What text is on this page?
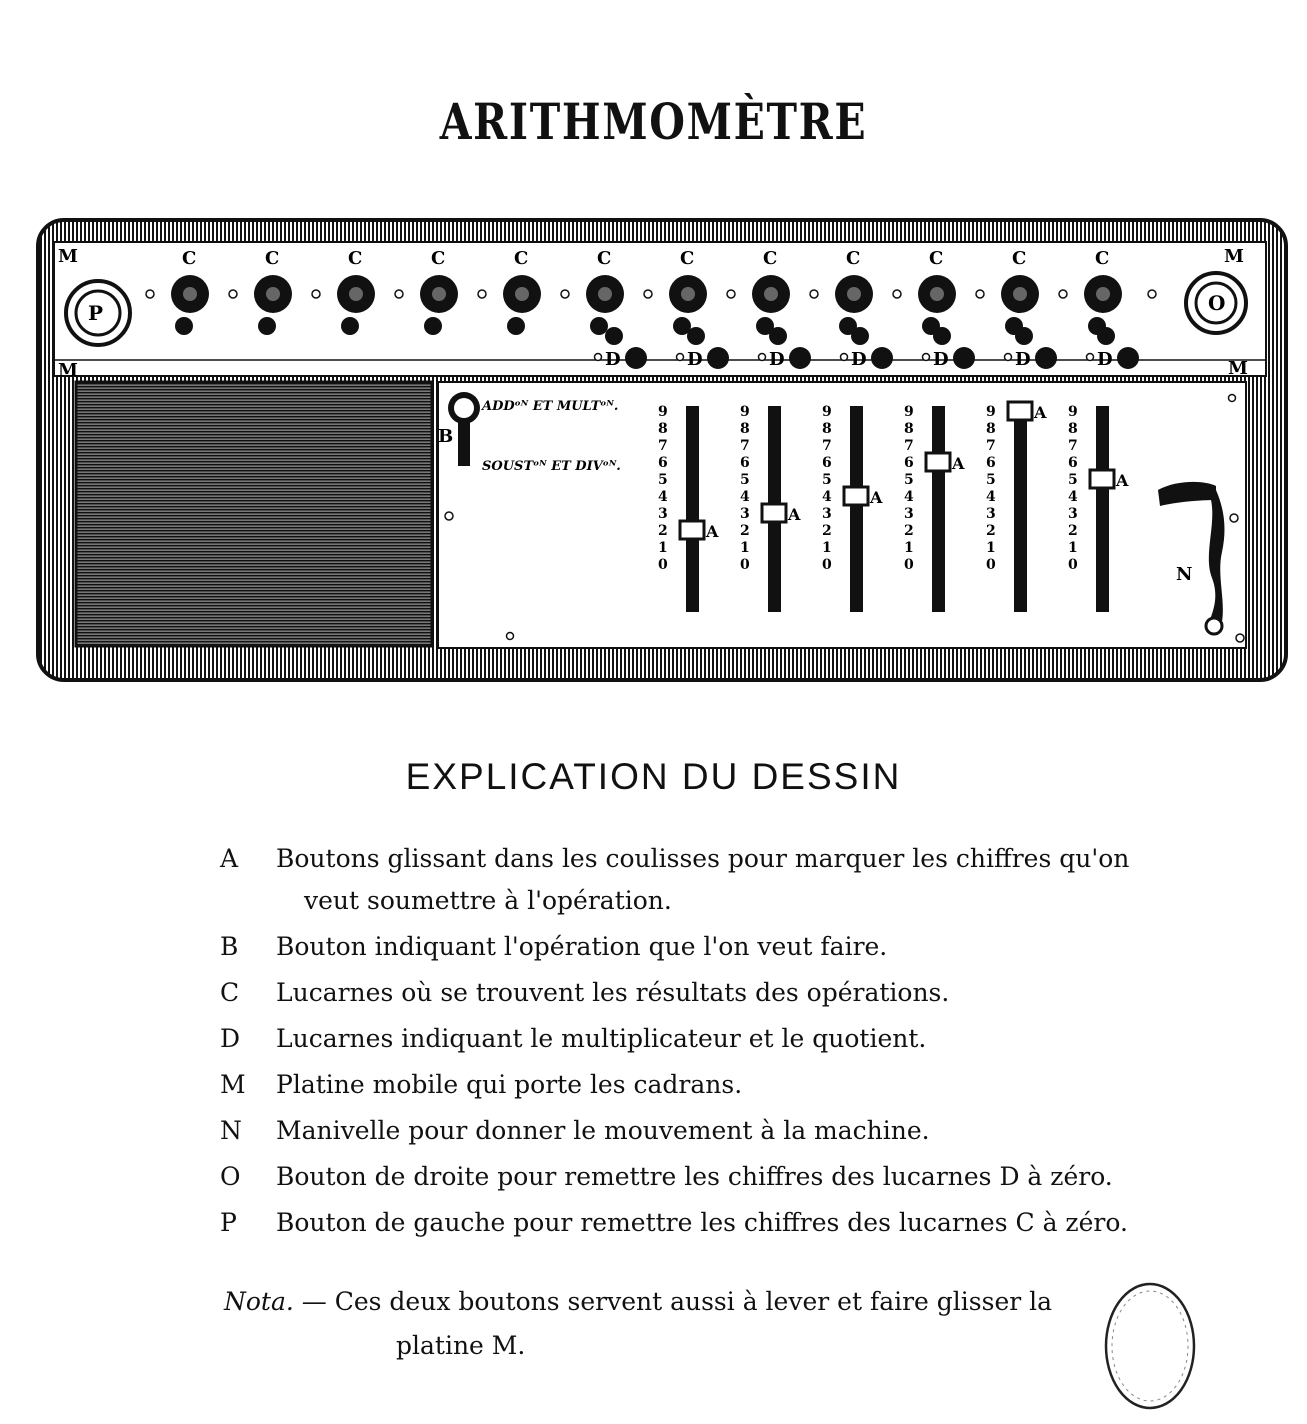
ARITHMOMÈTRE
M
M
M
M
P	O
C	C	C	C	C	C	C	C	C	C	C	C
D	D	D	D	D	D	D
B
ADDᵒᴺ ET MULTᵒᴺ.
SOUSTᵒᴺ ET DIVᵒᴺ.
9
8
7
6
5
4
3
2
1
0
A
9
8
7
6
5
4
3
2
1
0
A
9
8
7
6
5
4
3
2
1
0
A
9
8
7
6
5
4
3
2
1
0
A
9
8
7
6
5
4
3
2
1
0
A 9
8
7
6
5
4
3
2
1
0
A
N
EXPLICATION DU DESSIN
A	Boutons glissant dans les coulisses pour marquer les chiffres qu'on
veut soumettre à l'opération.
B	Bouton indiquant l'opération que l'on veut faire.
C	Lucarnes où se trouvent les résultats des opérations.
D	Lucarnes indiquant le multiplicateur et le quotient.
M	Platine mobile qui porte les cadrans.
N	Manivelle pour donner le mouvement à la machine.
O	Bouton de droite pour remettre les chiffres des lucarnes D à zéro.
P	Bouton de gauche pour remettre les chiffres des lucarnes C à zéro.
Nota. — Ces deux boutons servent aussi à lever et faire glisser la
platine M.
